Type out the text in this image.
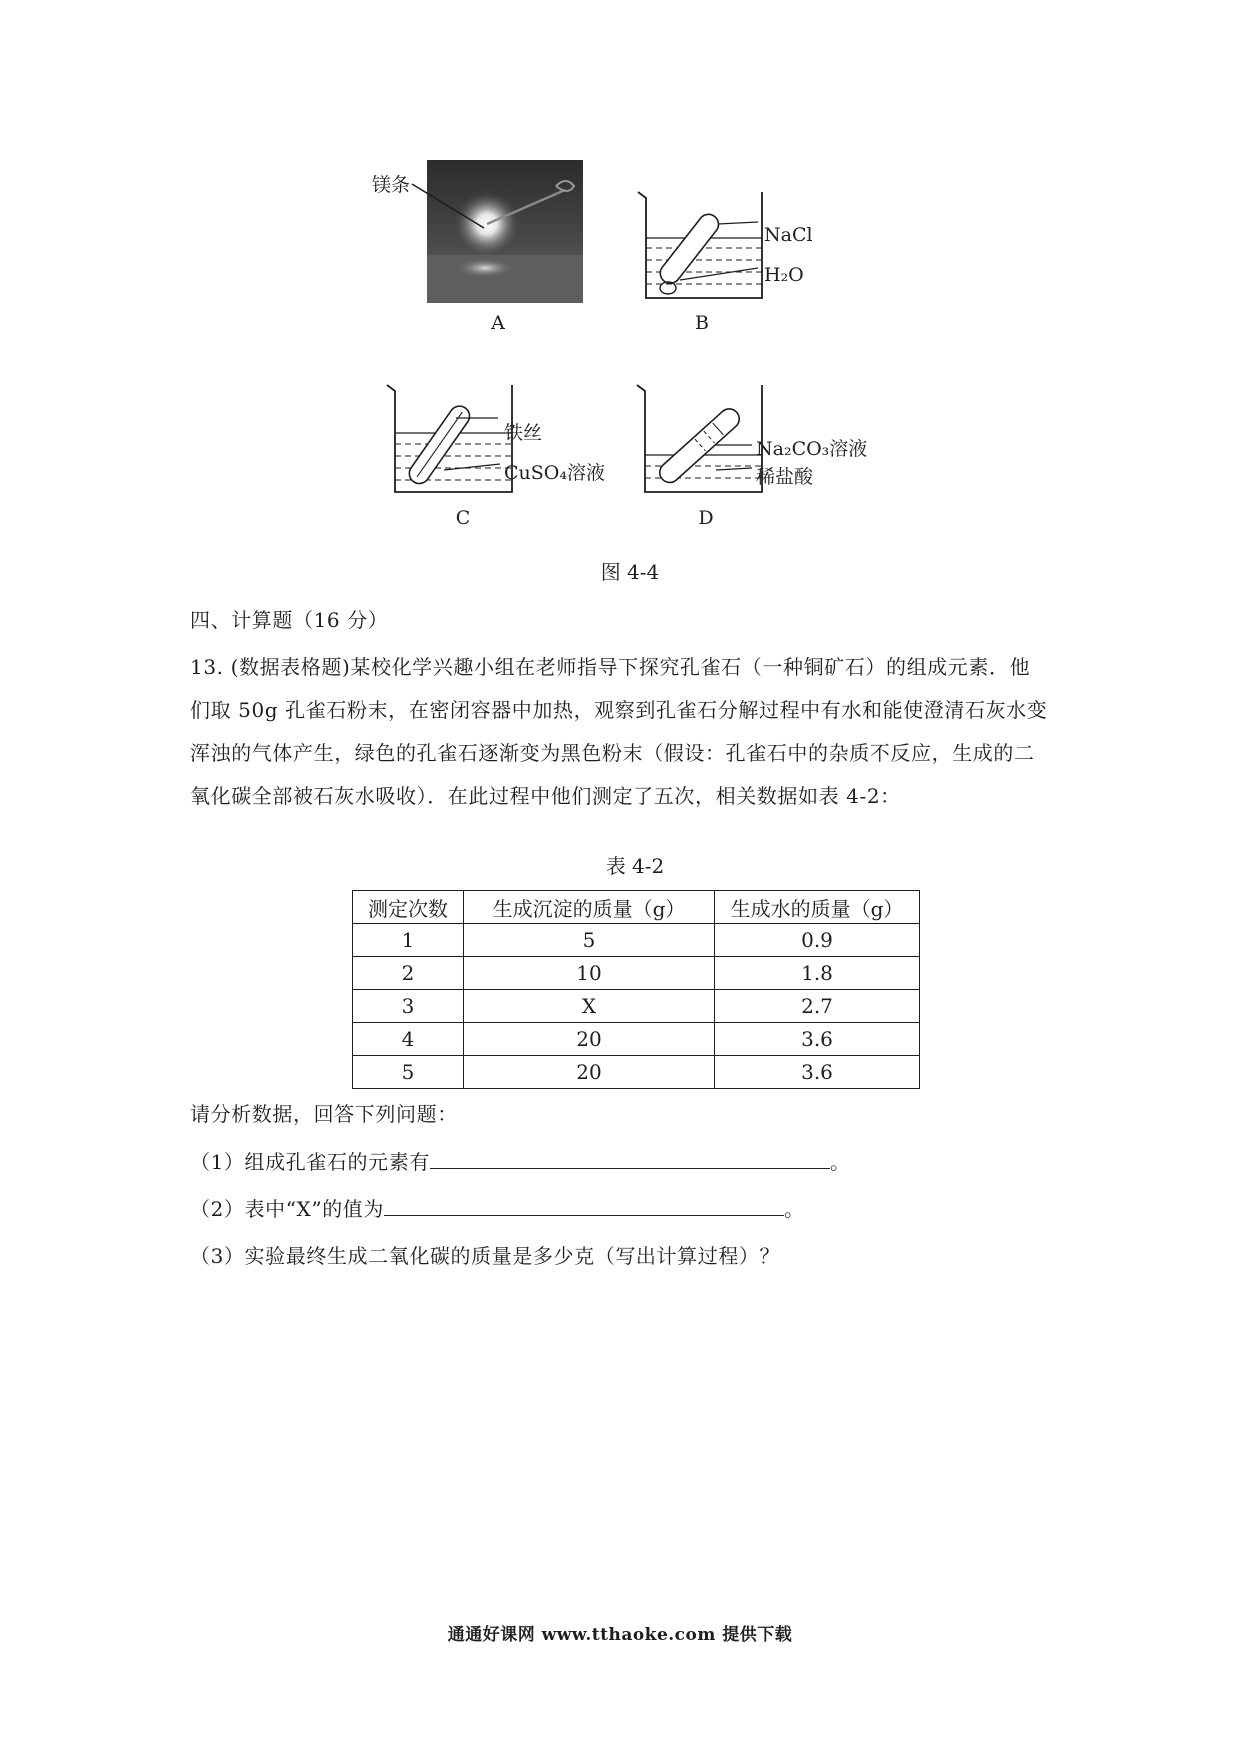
镁条
NaCl
H₂O
铁丝
CuSO₄溶液
Na₂CO₃溶液
稀盐酸
A	B
C	D
图 4-4
四、计算题（16 分）
13. (数据表格题)某校化学兴趣小组在老师指导下探究孔雀石（一种铜矿石）的组成元素．他们取 50g 孔雀石粉末，在密闭容器中加热，观察到孔雀石分解过程中有水和能使澄清石灰水变浑浊的气体产生，绿色的孔雀石逐渐变为黑色粉末（假设：孔雀石中的杂质不反应，生成的二氧化碳全部被石灰水吸收）．在此过程中他们测定了五次，相关数据如表 4-2：
表 4-2
测定次数	生成沉淀的质量（g）	生成水的质量（g）
1	5	0.9
2	10	1.8
3	X	2.7
4	20	3.6
5	20	3.6
请分析数据，回答下列问题：
（1）组成孔雀石的元素有	。
（2）表中“X”的值为	。
（3）实验最终生成二氧化碳的质量是多少克（写出计算过程）？
通通好课网 www.tthaoke.com 提供下载
